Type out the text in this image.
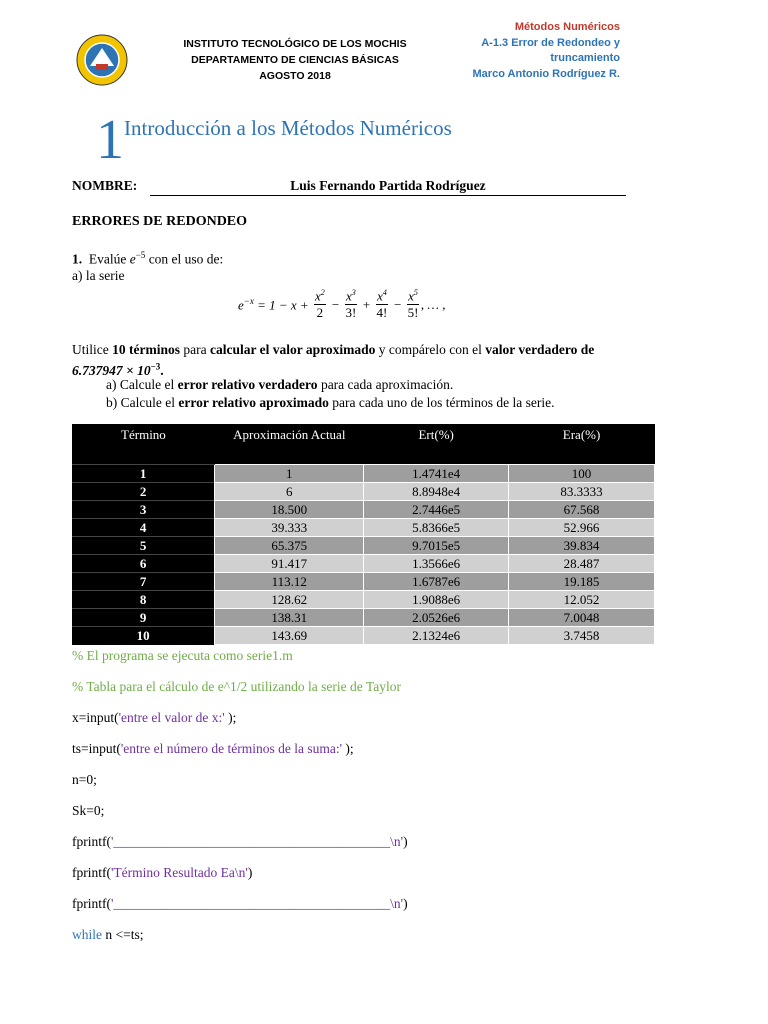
INSTITUTO TECNOLÓGICO DE LOS MOCHIS
DEPARTAMENTO DE CIENCIAS BÁSICAS
AGOSTO 2018
Métodos Numéricos
A-1.3 Error de Redondeo y
truncamiento
Marco Antonio Rodríguez R.
1 Introducción a los Métodos Numéricos
NOMBRE:	Luis Fernando Partida Rodríguez
ERRORES DE REDONDEO
1. Evalúe $e^{-5}$ con el uso de:
a) la serie
$e^{-x} = 1 - x + \frac{x^2}{2} - \frac{x^3}{3!} + \frac{x^4}{4!} - \frac{x^5}{5!}$ , … ,
Utilice 10 términos para calcular el valor aproximado y compárelo con el valor verdadero de
$6.737947 \times 10^{-3}$.
a) Calcule el error relativo verdadero para cada aproximación.
b) Calcule el error relativo aproximado para cada uno de los términos de la serie.
Término	Aproximación Actual	Ert(%)	Era(%)
1	1	1.4741e4	100
2	6	8.8948e4	83.3333
3	18.500	2.7446e5	67.568
4	39.333	5.8366e5	52.966
5	65.375	9.7015e5	39.834
6	91.417	1.3566e6	28.487
7	113.12	1.6787e6	19.185
8	128.62	1.9088e6	12.052
9	138.31	2.0526e6	7.0048
10	143.69	2.1324e6	3.7458
% El programa se ejecuta como serie1.m
% Tabla para el cálculo de e^1/2 utilizando la serie de Taylor
x=input('entre el valor de x:' );
ts=input('entre el número de términos de la suma:' );
n=0;
Sk=0;
fprintf('_________________________________________\n')
fprintf('Término Resultado Ea\n')
fprintf('_________________________________________\n')
while n <=ts;
